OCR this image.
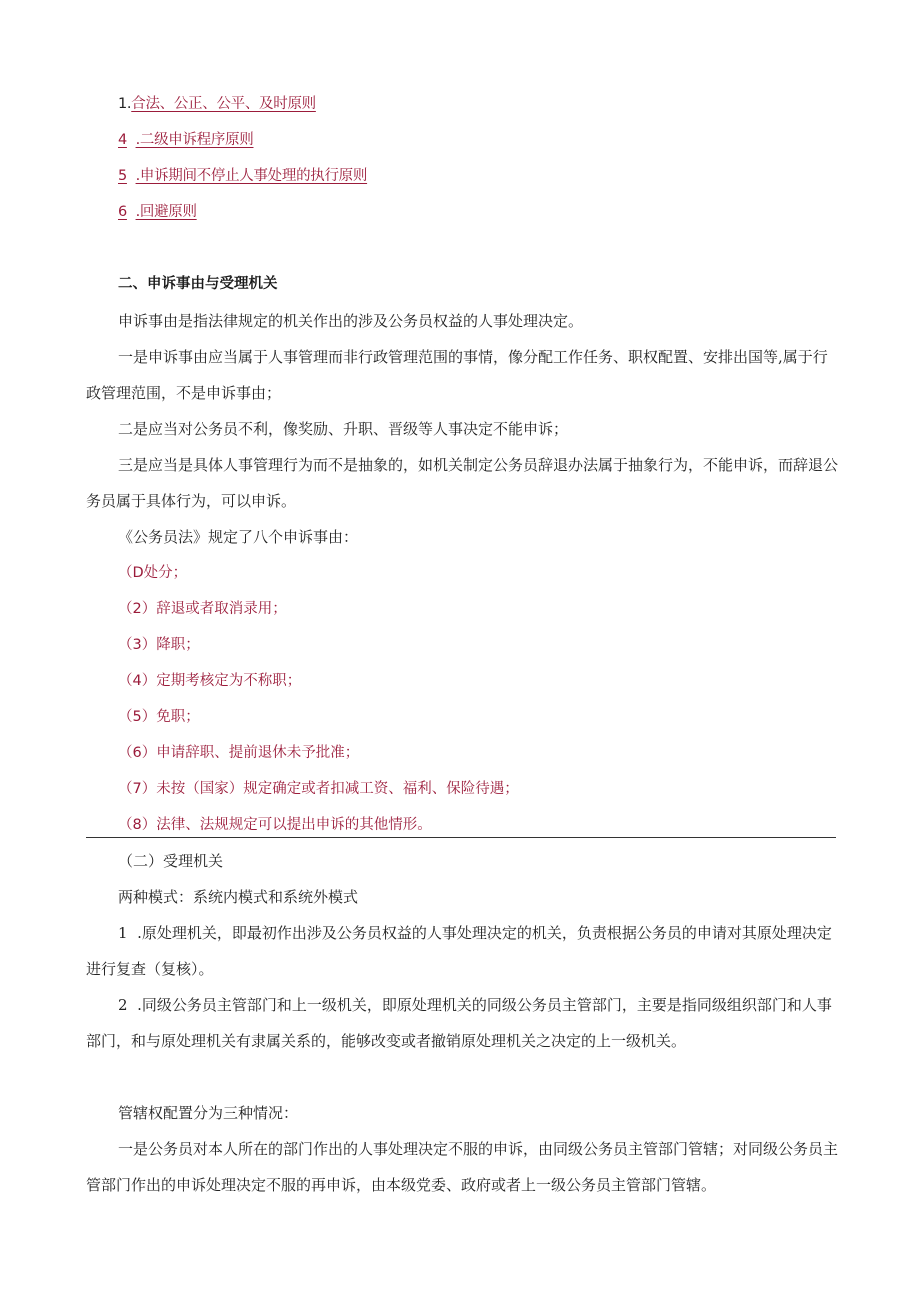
1.合法、公正、公平、及时原则
4 .二级申诉程序原则
5 .申诉期间不停止人事处理的执行原则
6 .回避原则
二、申诉事由与受理机关
申诉事由是指法律规定的机关作出的涉及公务员权益的人事处理决定。
一是申诉事由应当属于人事管理而非行政管理范围的事情，像分配工作任务、职权配置、安排出国等,属于行政管理范围，不是申诉事由；
二是应当对公务员不利，像奖励、升职、晋级等人事决定不能申诉；
三是应当是具体人事管理行为而不是抽象的，如机关制定公务员辞退办法属于抽象行为，不能申诉，而辞退公务员属于具体行为，可以申诉。
《公务员法》规定了八个申诉事由：
（D处分；
（2）辞退或者取消录用；
（3）降职；
（4）定期考核定为不称职；
（5）免职；
（6）申请辞职、提前退休未予批准；
（7）未按（国家）规定确定或者扣减工资、福利、保险待遇；
（8）法律、法规规定可以提出申诉的其他情形。
（二）受理机关
两种模式：系统内模式和系统外模式
1 .原处理机关，即最初作出涉及公务员权益的人事处理决定的机关，负责根据公务员的申请对其原处理决定进行复查（复核）。
2 .同级公务员主管部门和上一级机关，即原处理机关的同级公务员主管部门，主要是指同级组织部门和人事部门，和与原处理机关有隶属关系的，能够改变或者撤销原处理机关之决定的上一级机关。
管辖权配置分为三种情况：
一是公务员对本人所在的部门作出的人事处理决定不服的申诉，由同级公务员主管部门管辖；对同级公务员主管部门作出的申诉处理决定不服的再申诉，由本级党委、政府或者上一级公务员主管部门管辖。
